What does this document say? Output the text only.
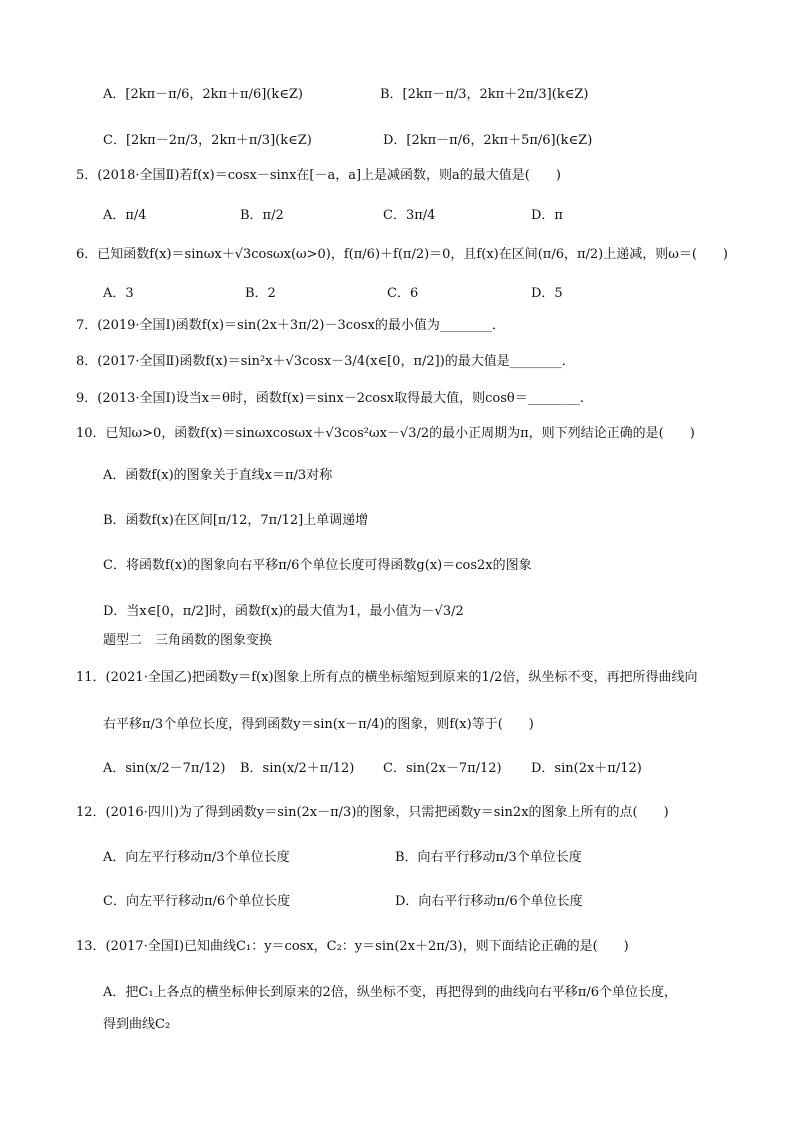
A．[2kπ－π/6，2kπ＋π/6](k∈Z)	B．[2kπ－π/3，2kπ＋2π/3](k∈Z)
C．[2kπ－2π/3，2kπ＋π/3](k∈Z)	D．[2kπ－π/6，2kπ＋5π/6](k∈Z)
5．(2018·全国Ⅱ)若f(x)＝cosx－sinx在[－a，a]上是减函数，则a的最大值是(　　)
A．π/4	B．π/2	C．3π/4	D．π
6．已知函数f(x)＝sinωx＋√3cosωx(ω>0)，f(π/6)＋f(π/2)＝0，且f(x)在区间(π/6，π/2)上递减，则ω＝(　　)
A．3	B．2	C．6	D．5
7．(2019·全国Ⅰ)函数f(x)＝sin(2x＋3π/2)－3cosx的最小值为________．
8．(2017·全国Ⅱ)函数f(x)＝sin²x＋√3cosx－3/4(x∈[0，π/2])的最大值是________．
9．(2013·全国Ⅰ)设当x＝θ时，函数f(x)＝sinx－2cosx取得最大值，则cosθ＝________.
10．已知ω>0，函数f(x)＝sinωxcosωx＋√3cos²ωx－√3/2的最小正周期为π，则下列结论正确的是(　　)
A．函数f(x)的图象关于直线x＝π/3对称
B．函数f(x)在区间[π/12，7π/12]上单调递增
C．将函数f(x)的图象向右平移π/6个单位长度可得函数g(x)＝cos2x的图象
D．当x∈[0，π/2]时，函数f(x)的最大值为1，最小值为－√3/2
题型二　三角函数的图象变换
11．(2021·全国乙)把函数y＝f(x)图象上所有点的横坐标缩短到原来的1/2倍，纵坐标不变，再把所得曲线向
右平移π/3个单位长度，得到函数y＝sin(x－π/4)的图象，则f(x)等于(　　)
A．sin(x/2－7π/12) B．sin(x/2＋π/12) C．sin(2x－7π/12) D．sin(2x＋π/12)
12．(2016·四川)为了得到函数y＝sin(2x－π/3)的图象，只需把函数y＝sin2x的图象上所有的点(　　)
A．向左平行移动π/3个单位长度	B．向右平行移动π/3个单位长度
C．向左平行移动π/6个单位长度	D．向右平行移动π/6个单位长度
13．(2017·全国Ⅰ)已知曲线C₁：y＝cosx，C₂：y＝sin(2x＋2π/3)，则下面结论正确的是(　　)
A．把C₁上各点的横坐标伸长到原来的2倍，纵坐标不变，再把得到的曲线向右平移π/6个单位长度，
得到曲线C₂
